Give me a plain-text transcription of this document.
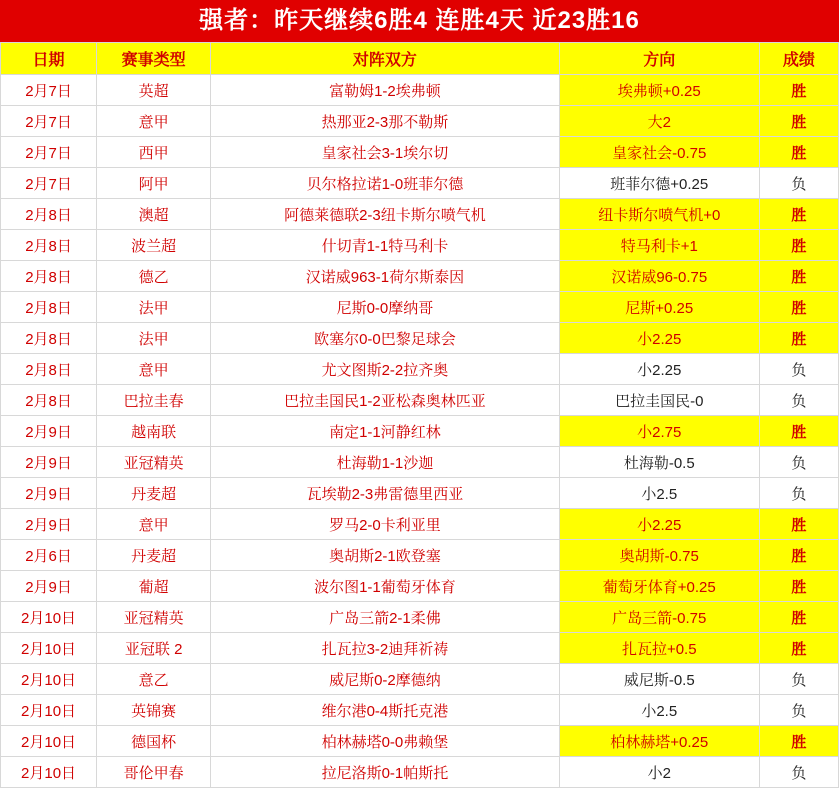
强者：昨天继续6胜4 连胜4天 近23胜16
日期	赛事类型	对阵双方	方向	成绩
2月7日	英超	富勒姆1-2埃弗顿	埃弗顿+0.25	胜
2月7日	意甲	热那亚2-3那不勒斯	大2	胜
2月7日	西甲	皇家社会3-1埃尔切	皇家社会-0.75	胜
2月7日	阿甲	贝尔格拉诺1-0班菲尔德	班菲尔德+0.25	负
2月8日	澳超	阿德莱德联2-3纽卡斯尔喷气机	纽卡斯尔喷气机+0	胜
2月8日	波兰超	什切青1-1特马利卡	特马利卡+1	胜
2月8日	德乙	汉诺威963-1荷尔斯泰因	汉诺威96-0.75	胜
2月8日	法甲	尼斯0-0摩纳哥	尼斯+0.25	胜
2月8日	法甲	欧塞尔0-0巴黎足球会	小2.25	胜
2月8日	意甲	尤文图斯2-2拉齐奥	小2.25	负
2月8日	巴拉圭春	巴拉圭国民1-2亚松森奥林匹亚	巴拉圭国民-0	负
2月9日	越南联	南定1-1河静红林	小2.75	胜
2月9日	亚冠精英	杜海勒1-1沙迦	杜海勒-0.5	负
2月9日	丹麦超	瓦埃勒2-3弗雷德里西亚	小2.5	负
2月9日	意甲	罗马2-0卡利亚里	小2.25	胜
2月6日	丹麦超	奥胡斯2-1欧登塞	奥胡斯-0.75	胜
2月9日	葡超	波尔图1-1葡萄牙体育	葡萄牙体育+0.25	胜
2月10日	亚冠精英	广岛三箭2-1柔佛	广岛三箭-0.75	胜
2月10日	亚冠联 2	扎瓦拉3-2迪拜祈祷	扎瓦拉+0.5	胜
2月10日	意乙	威尼斯0-2摩德纳	威尼斯-0.5	负
2月10日	英锦赛	维尔港0-4斯托克港	小2.5	负
2月10日	德国杯	柏林赫塔0-0弗赖堡	柏林赫塔+0.25	胜
2月10日	哥伦甲春	拉尼洛斯0-1帕斯托	小2	负
